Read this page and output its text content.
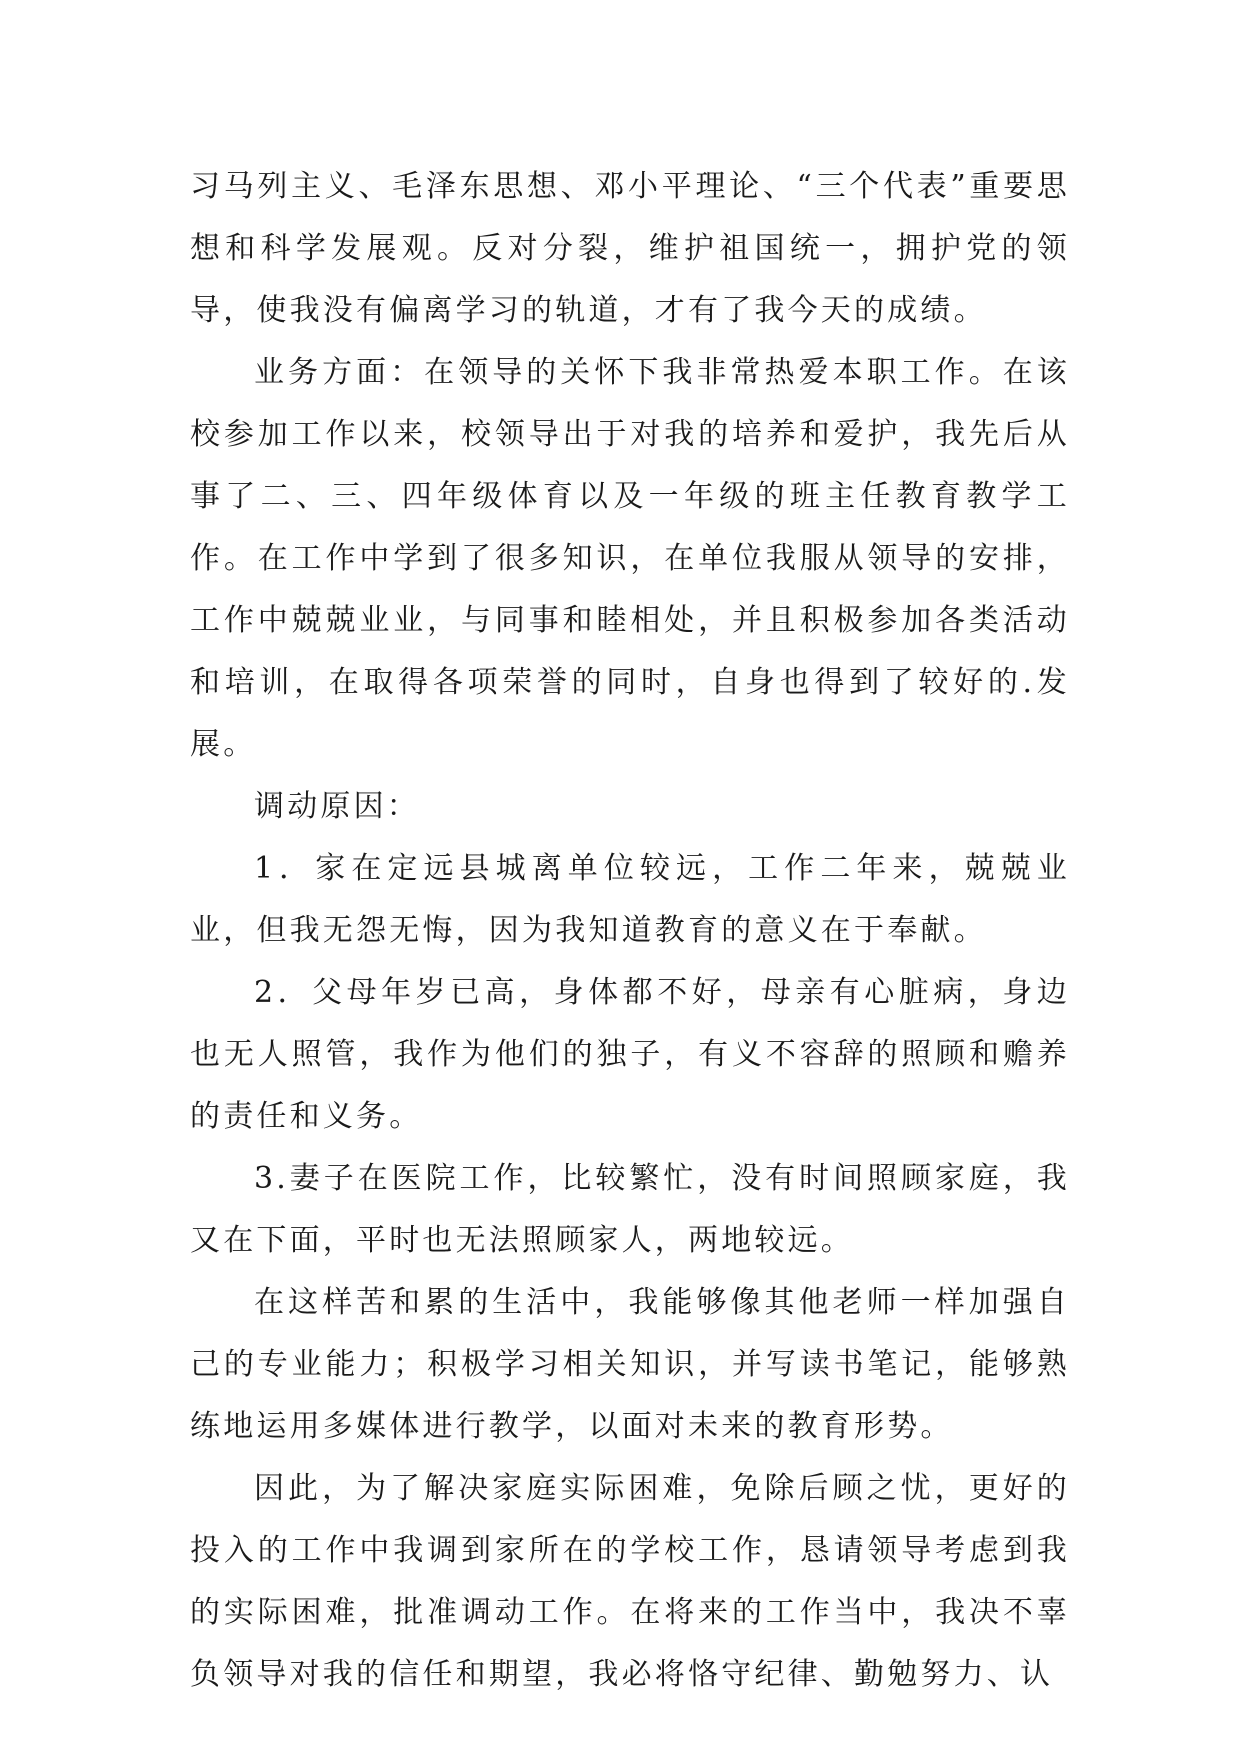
习马列主义、毛泽东思想、邓小平理论、“三个代表”重要思想和科学发展观。反对分裂，维护祖国统一，拥护党的领导，使我没有偏离学习的轨道，才有了我今天的成绩。

业务方面：在领导的关怀下我非常热爱本职工作。在该校参加工作以来，校领导出于对我的培养和爱护，我先后从事了二、三、四年级体育以及一年级的班主任教育教学工作。在工作中学到了很多知识，在单位我服从领导的安排，工作中兢兢业业，与同事和睦相处，并且积极参加各类活动和培训，在取得各项荣誉的同时，自身也得到了较好的.发展。

调动原因：

1．家在定远县城离单位较远，工作二年来，兢兢业业，但我无怨无悔，因为我知道教育的意义在于奉献。

2．父母年岁已高，身体都不好，母亲有心脏病，身边也无人照管，我作为他们的独子，有义不容辞的照顾和赡养的责任和义务。

3.妻子在医院工作，比较繁忙，没有时间照顾家庭，我又在下面，平时也无法照顾家人，两地较远。

在这样苦和累的生活中，我能够像其他老师一样加强自己的专业能力；积极学习相关知识，并写读书笔记，能够熟练地运用多媒体进行教学，以面对未来的教育形势。

因此，为了解决家庭实际困难，免除后顾之忧，更好的投入的工作中我调到家所在的学校工作，恳请领导考虑到我的实际困难，批准调动工作。在将来的工作当中，我决不辜负领导对我的信任和期望，我必将恪守纪律、勤勉努力、认
